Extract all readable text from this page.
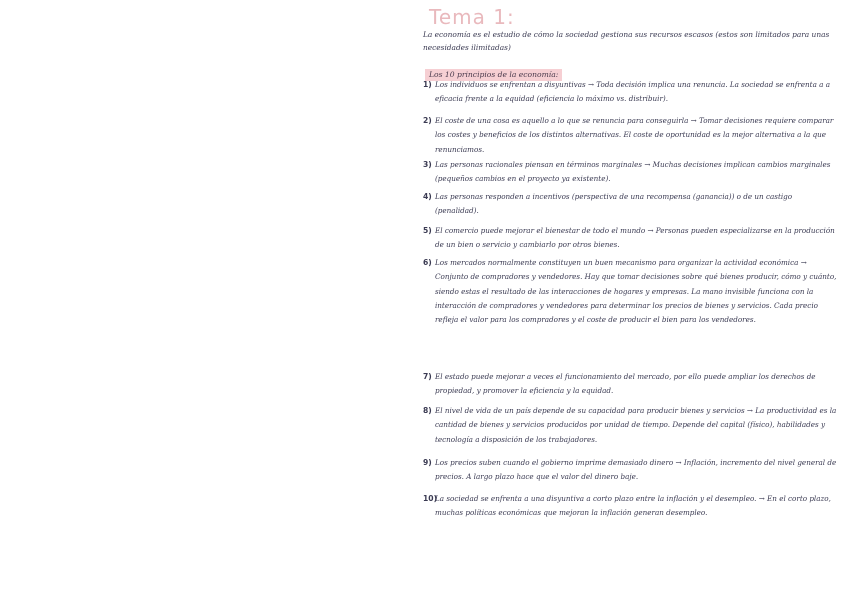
Tema 1:
La economía es el estudio de cómo la sociedad gestiona sus recursos escasos (estos son limitados para unas necesidades ilimitadas)
Los 10 principios de la economía:
1) Los individuos se enfrentan a disyuntivas → Toda decisión implica una renuncia. La sociedad se enfrenta a a eficacia frente a la equidad (eficiencia lo máximo vs. distribuir).
2) El coste de una cosa es aquello a lo que se renuncia para conseguirla → Tomar decisiones requiere comparar los costes y beneficios de los distintos alternativas. El coste de oportunidad es la mejor alternativa a la que renunciamos.
3) Las personas racionales piensan en términos marginales → Muchas decisiones implican cambios marginales (pequeños cambios en el proyecto ya existente).
4) Las personas responden a incentivos (perspectiva de una recompensa (ganancia)) o de un castigo (penalidad).
5) El comercio puede mejorar el bienestar de todo el mundo → Personas pueden especializarse en la producción de un bien o servicio y cambiarlo por otros bienes.
6) Los mercados normalmente constituyen un buen mecanismo para organizar la actividad económica → Conjunto de compradores y vendedores. Hay que tomar decisiones sobre qué bienes producir, cómo y cuánto, siendo estas el resultado de las interacciones de hogares y empresas. La mano invisible funciona con la interacción de compradores y vendedores para determinar los precios de bienes y servicios. Cada precio refleja el valor para los compradores y el coste de producir el bien para los vendedores.
7) El estado puede mejorar a veces el funcionamiento del mercado, por ello puede ampliar los derechos de propiedad, y promover la eficiencia y la equidad.
8) El nivel de vida de un país depende de su capacidad para producir bienes y servicios → La productividad es la cantidad de bienes y servicios producidos por unidad de tiempo. Depende del capital (físico), habilidades y tecnología a disposición de los trabajadores.
9) Los precios suben cuando el gobierno imprime demasiado dinero → Inflación, incremento del nivel general de precios. A largo plazo hace que el valor del dinero baje.
10)
La sociedad se enfrenta a una disyuntiva a corto plazo entre la inflación y el desempleo. → En el corto plazo, muchas políticas económicas que mejoran la inflación generan desempleo.
